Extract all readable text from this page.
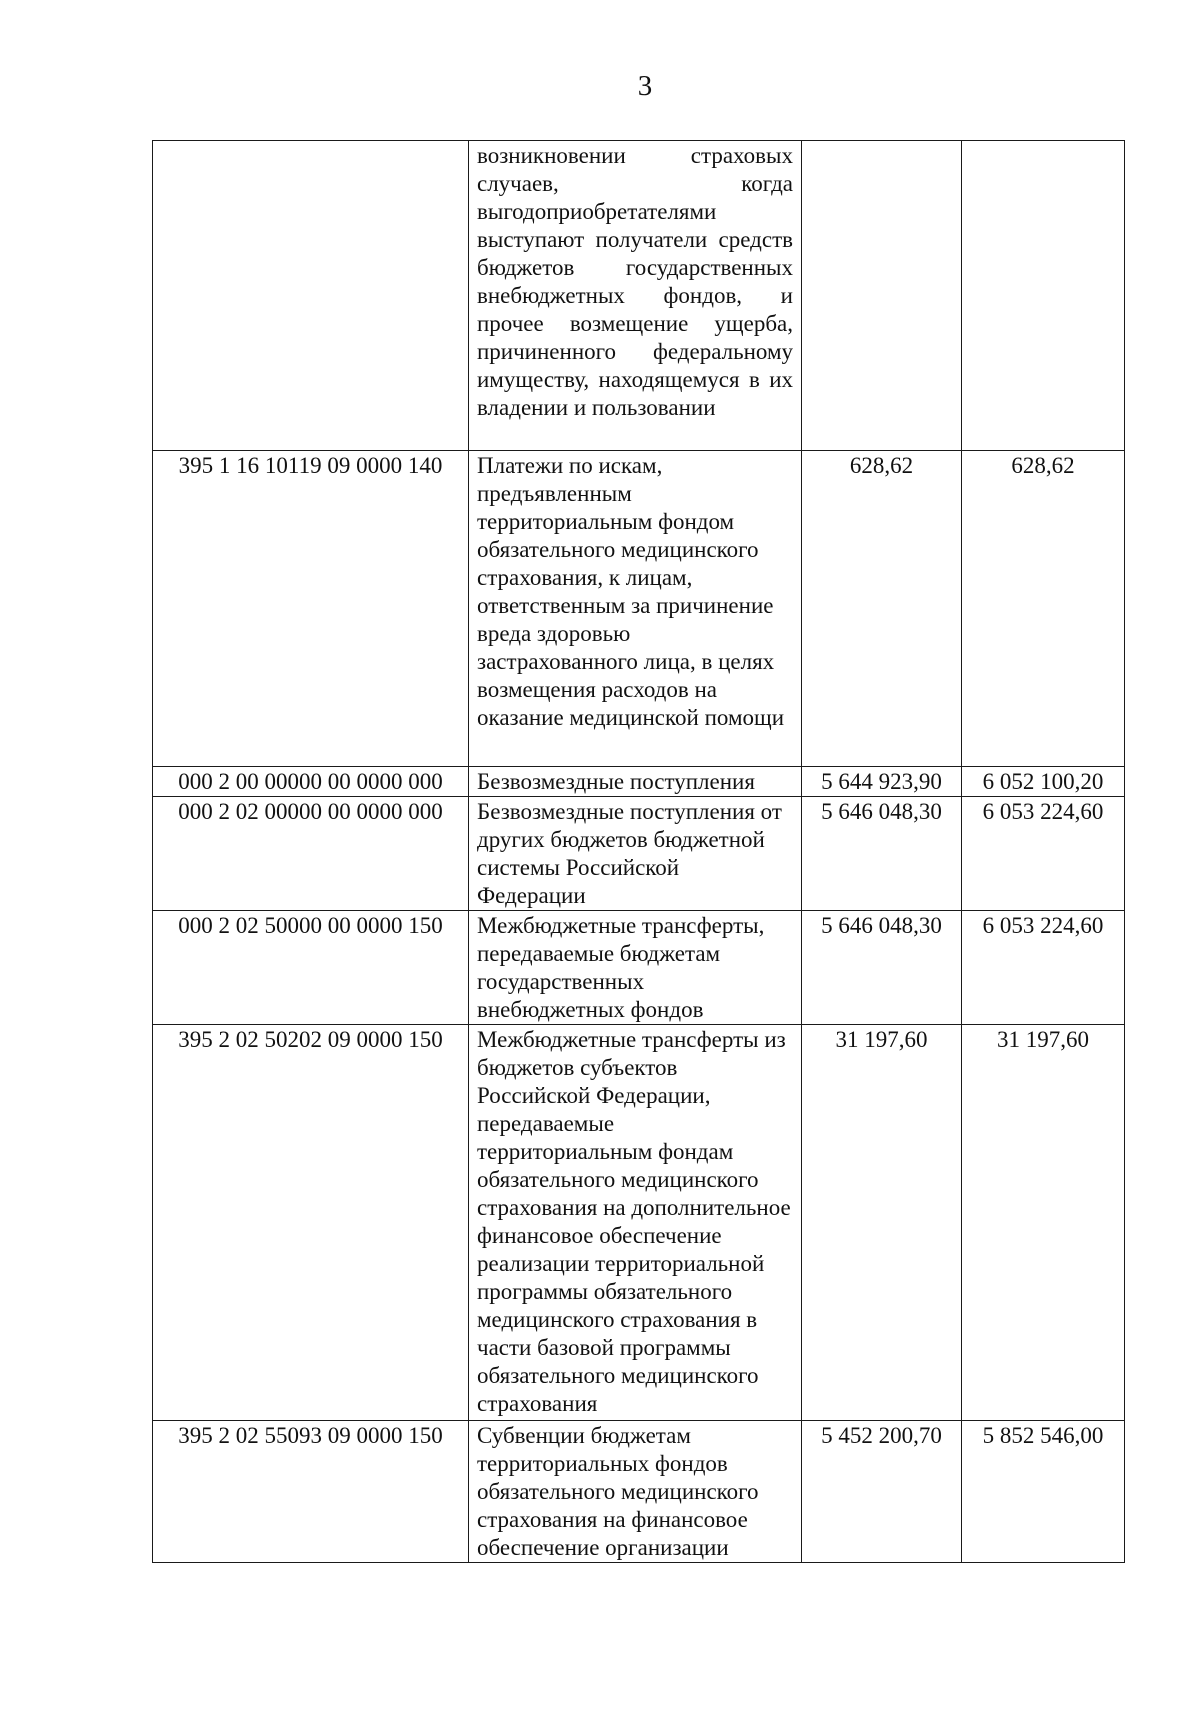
3
	возникновении страховых случаев, когда выгодоприобретателями выступают получатели средств бюджетов государственных внебюджетных фондов, и прочее возмещение ущерба, причиненного федеральному имуществу, находящемуся в их владении и пользовании		
395 1 16 10119 09 0000 140	Платежи по искам, предъявленным территориальным фондом обязательного медицинского страхования, к лицам, ответственным за причинение вреда здоровью застрахованного лица, в целях возмещения расходов на оказание медицинской помощи	628,62	628,62
000 2 00 00000 00 0000 000	Безвозмездные поступления	5 644 923,90	6 052 100,20
000 2 02 00000 00 0000 000	Безвозмездные поступления от других бюджетов бюджетной системы Российской Федерации	5 646 048,30	6 053 224,60
000 2 02 50000 00 0000 150	Межбюджетные трансферты, передаваемые бюджетам государственных внебюджетных фондов	5 646 048,30	6 053 224,60
395 2 02 50202 09 0000 150	Межбюджетные трансферты из бюджетов субъектов Российской Федерации, передаваемые территориальным фондам обязательного медицинского страхования на дополнительное финансовое обеспечение реализации территориальной программы обязательного медицинского страхования в части базовой программы обязательного медицинского страхования	31 197,60	31 197,60
395 2 02 55093 09 0000 150	Субвенции бюджетам территориальных фондов обязательного медицинского страхования на финансовое обеспечение организации	5 452 200,70	5 852 546,00
